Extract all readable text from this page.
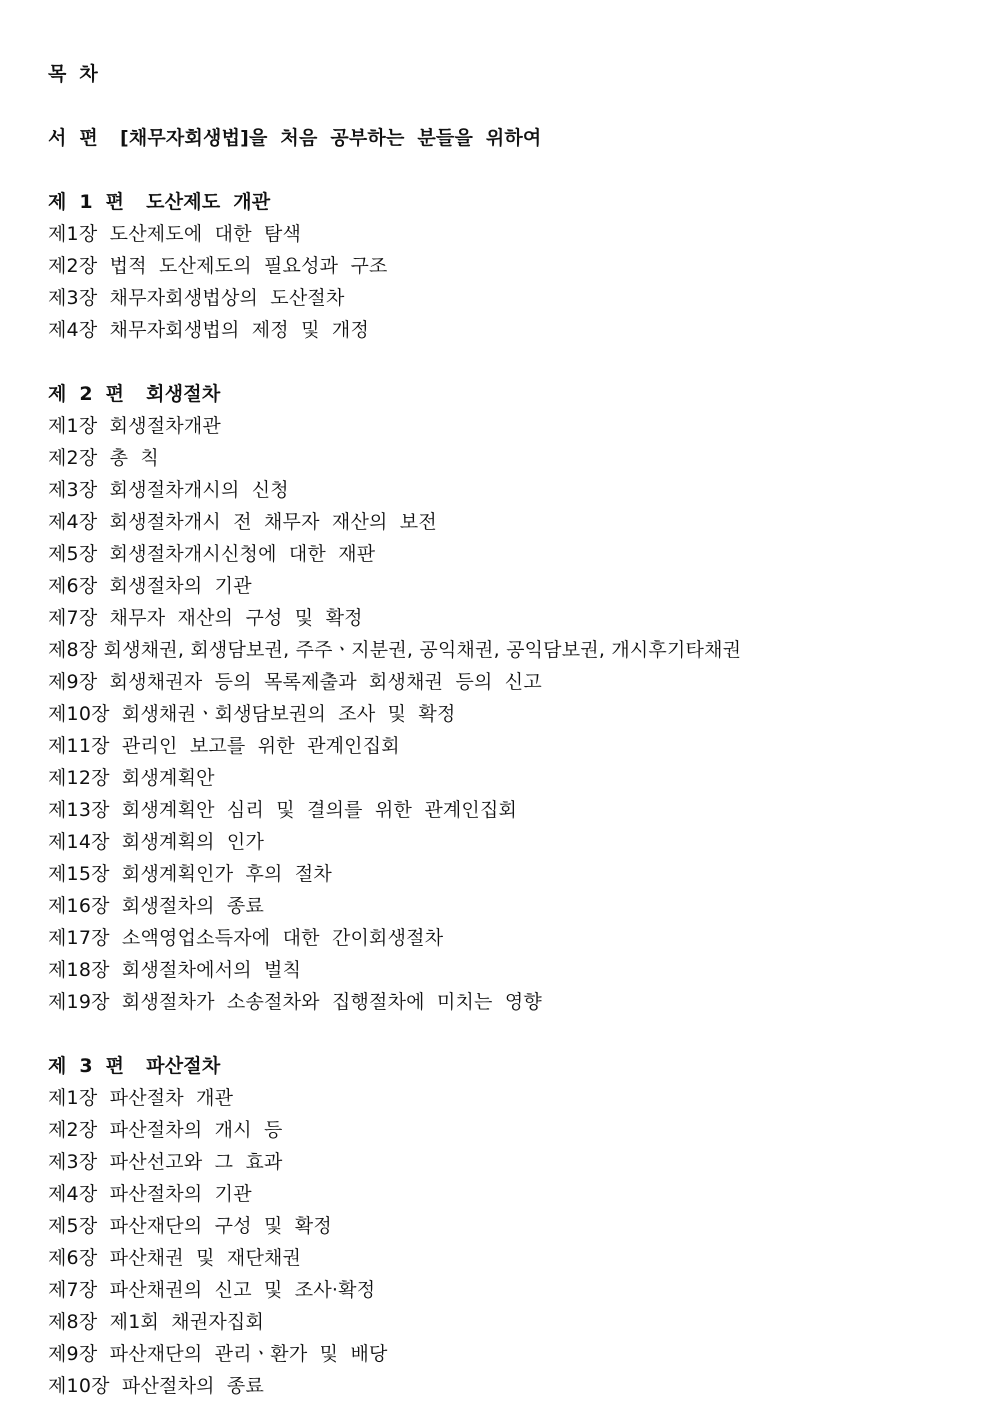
목 차
서 편 [채무자회생법]을 처음 공부하는 분들을 위하여
제 1 편 도산제도 개관
제1장 도산제도에 대한 탐색
제2장 법적 도산제도의 필요성과 구조
제3장 채무자회생법상의 도산절차
제4장 채무자회생법의 제정 및 개정
제 2 편 회생절차
제1장 회생절차개관
제2장 총 칙
제3장 회생절차개시의 신청
제4장 회생절차개시 전 채무자 재산의 보전
제5장 회생절차개시신청에 대한 재판
제6장 회생절차의 기관
제7장 채무자 재산의 구성 및 확정
제8장 회생채권, 회생담보권, 주주ㆍ지분권, 공익채권, 공익담보권, 개시후기타채권
제9장 회생채권자 등의 목록제출과 회생채권 등의 신고
제10장 회생채권ㆍ회생담보권의 조사 및 확정
제11장 관리인 보고를 위한 관계인집회
제12장 회생계획안
제13장 회생계획안 심리 및 결의를 위한 관계인집회
제14장 회생계획의 인가
제15장 회생계획인가 후의 절차
제16장 회생절차의 종료
제17장 소액영업소득자에 대한 간이회생절차
제18장 회생절차에서의 벌칙
제19장 회생절차가 소송절차와 집행절차에 미치는 영향
제 3 편 파산절차
제1장 파산절차 개관
제2장 파산절차의 개시 등
제3장 파산선고와 그 효과
제4장 파산절차의 기관
제5장 파산재단의 구성 및 확정
제6장 파산채권 및 재단채권
제7장 파산채권의 신고 및 조사·확정
제8장 제1회 채권자집회
제9장 파산재단의 관리ㆍ환가 및 배당
제10장 파산절차의 종료
